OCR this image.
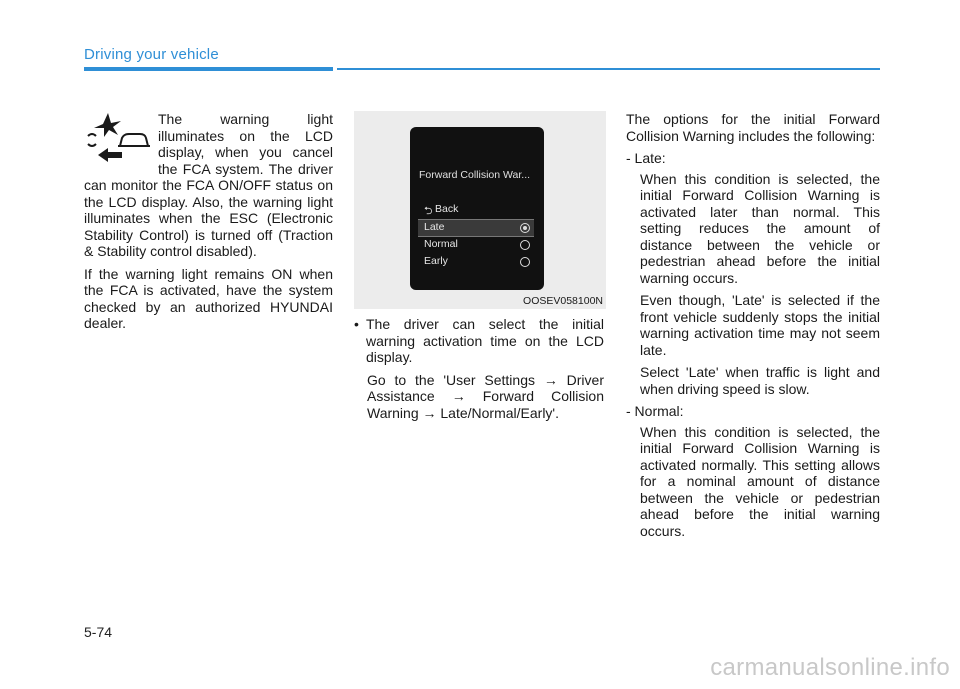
Driving your vehicle

The warning light illuminates on the LCD display, when you cancel the FCA system. The driver can monitor the FCA ON/OFF status on the LCD display. Also, the warning light illuminates when the ESC (Electronic Stability Control) is turned off (Traction & Stability control disabled).

If the warning light remains ON when the FCA is activated, have the system checked by an authorized HYUNDAI dealer.

Forward Collision War...
⮌ Back
Late
Normal
Early
OOSEV058100N
• The driver can select the initial warning activation time on the LCD display.

Go to the 'User Settings → Driver Assistance → Forward Collision Warning → Late/Normal/Early'.

The options for the initial Forward Collision Warning includes the following:

- Late:

When this condition is selected, the initial Forward Collision Warning is activated later than normal. This setting reduces the amount of distance between the vehicle or pedestrian ahead before the initial warning occurs.

Even though, 'Late' is selected if the front vehicle suddenly stops the initial warning activation time may not seem late.

Select 'Late' when traffic is light and when driving speed is slow.

- Normal:

When this condition is selected, the initial Forward Collision Warning is activated normally. This setting allows for a nominal amount of distance between the vehicle or pedestrian ahead before the initial warning occurs.

5-74
carmanualsonline.info
